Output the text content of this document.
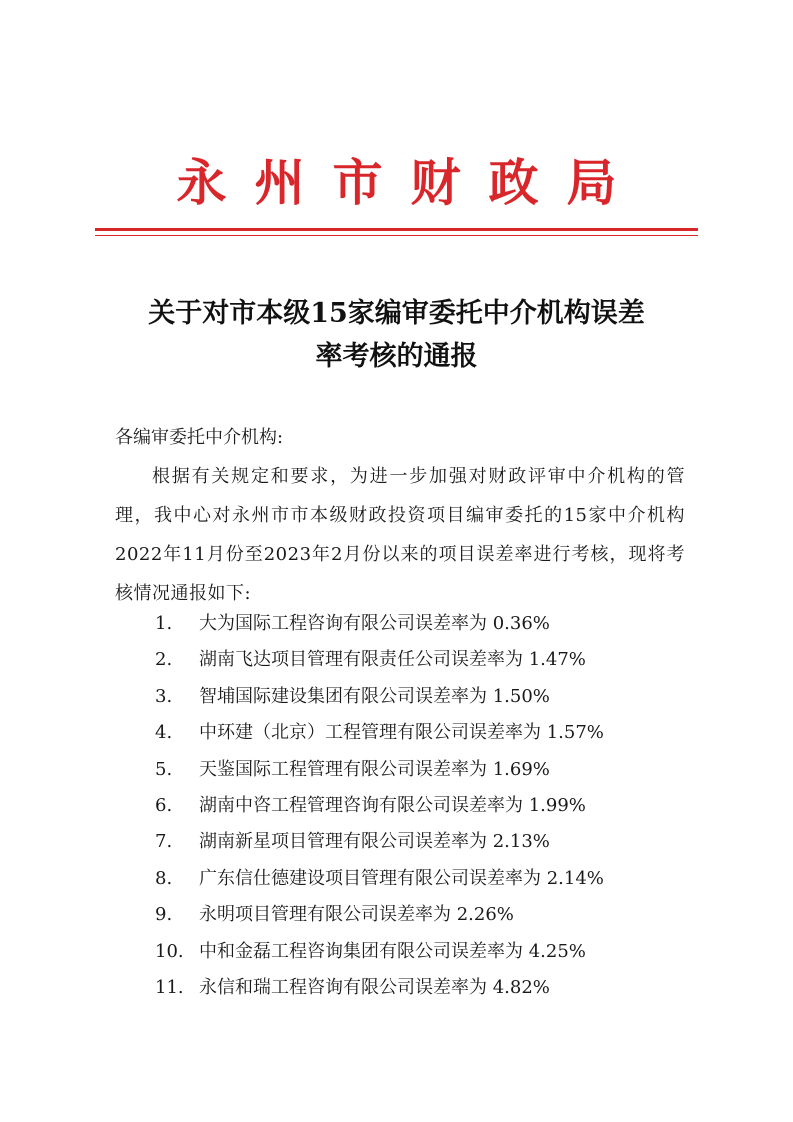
永州市财政局
关于对市本级15家编审委托中介机构误差
率考核的通报
各编审委托中介机构:
根据有关规定和要求，为进一步加强对财政评审中介机构的管理，我中心对永州市市本级财政投资项目编审委托的15家中介机构2022年11月份至2023年2月份以来的项目误差率进行考核，现将考核情况通报如下:
1.	大为国际工程咨询有限公司误差率为 0.36%
2.	湖南飞达项目管理有限责任公司误差率为 1.47%
3.	智埔国际建设集团有限公司误差率为 1.50%
4.	中环建（北京）工程管理有限公司误差率为 1.57%
5.	天鉴国际工程管理有限公司误差率为 1.69%
6.	湖南中咨工程管理咨询有限公司误差率为 1.99%
7.	湖南新星项目管理有限公司误差率为 2.13%
8.	广东信仕德建设项目管理有限公司误差率为 2.14%
9.	永明项目管理有限公司误差率为 2.26%
10. 中和金磊工程咨询集团有限公司误差率为 4.25%
11. 永信和瑞工程咨询有限公司误差率为 4.82%
